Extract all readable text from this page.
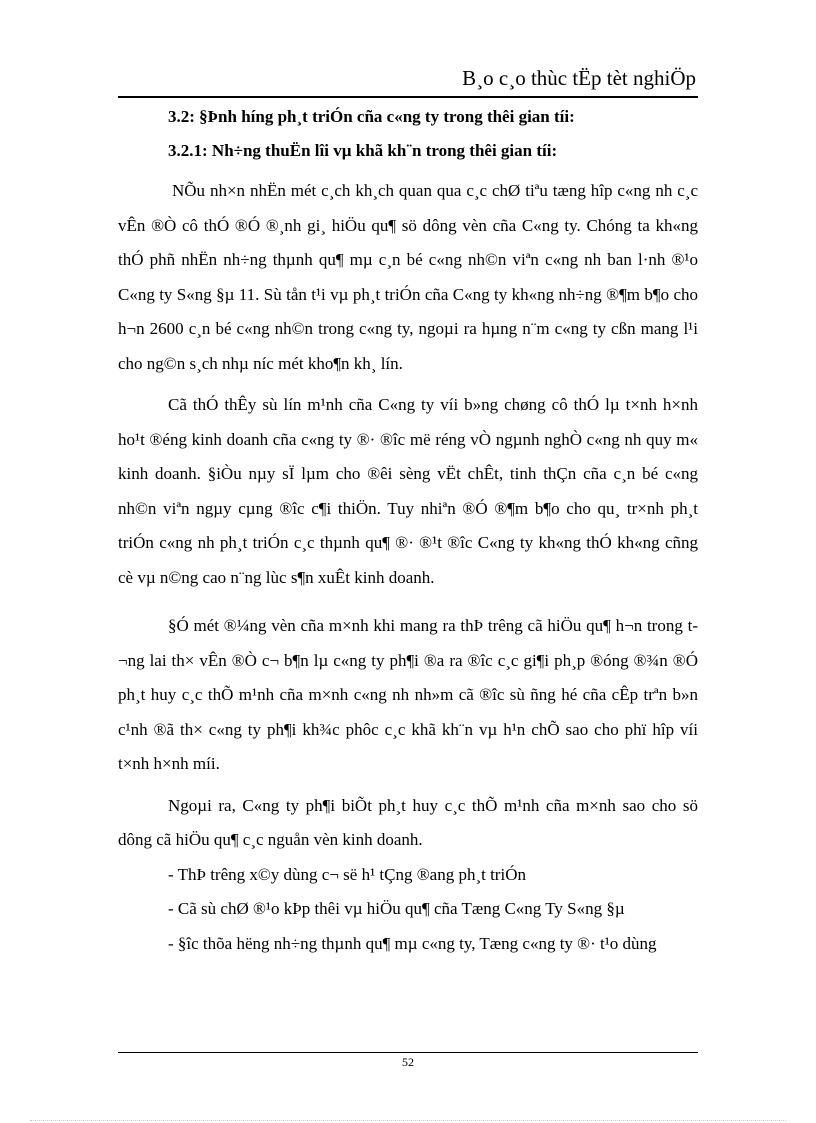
B¸o c¸o thùc tËp tèt nghiÖp
3.2: §Þnh híng ph¸t triÓn cña c«ng ty trong thêi gian tíi:
3.2.1: Nh÷ng thuËn lîi vµ khã kh¨n trong thêi gian tíi:

NÕu nh×n nhËn mét c¸ch kh¸ch quan qua c¸c chØ tiªu tæng hîp c«ng nh c¸c vÊn ®Ò cô thÓ ®Ó ®¸nh gi¸ hiÖu qu¶ sö dông vèn cña C«ng ty. Chóng ta kh«ng thÓ phñ nhËn nh÷ng thµnh qu¶ mµ c¸n bé c«ng nh©n viªn c«ng nh ban l·nh ®¹o C«ng ty S«ng §µ 11. Sù tån t¹i vµ ph¸t triÓn cña C«ng ty kh«ng nh÷ng ®¶m b¶o cho h¬n 2600 c¸n bé c«ng nh©n trong c«ng ty, ngoµi ra hµng n¨m c«ng ty cßn mang l¹i cho ng©n s¸ch nhµ níc mét kho¶n kh¸ lín.

Cã thÓ thÊy sù lín m¹nh cña C«ng ty víi b»ng chøng cô thÓ lµ t×nh h×nh ho¹t ®éng kinh doanh cña c«ng ty ®· ®îc më réng vÒ ngµnh nghÒ c«ng nh quy m« kinh doanh. §iÒu nµy sÏ lµm cho ®êi sèng vËt chÊt, tinh thÇn cña c¸n bé c«ng nh©n viªn ngµy cµng ®îc c¶i thiÖn. Tuy nhiªn ®Ó ®¶m b¶o cho qu¸ tr×nh ph¸t triÓn c«ng nh ph¸t triÓn c¸c thµnh qu¶ ®· ®¹t ®îc C«ng ty kh«ng thÓ kh«ng cñng cè vµ n©ng cao n¨ng lùc s¶n xuÊt kinh doanh.

§Ó mét ®¼ng vèn cña m×nh khi mang ra thÞ trêng cã hiÖu qu¶ h¬n trong t¬ng lai th× vÊn ®Ò c¬ b¶n lµ c«ng ty ph¶i ®a ra ®îc c¸c gi¶i ph¸p ®óng ®¾n ®Ó ph¸t huy c¸c thÕ m¹nh cña m×nh c«ng nh nh»m cã ®îc sù ñng hé cña cÊp trªn b»n c¹nh ®ã th× c«ng ty ph¶i kh¾c phôc c¸c khã kh¨n vµ h¹n chÕ sao cho phï hîp víi t×nh h×nh míi.

Ngoµi ra, C«ng ty ph¶i biÕt ph¸t huy c¸c thÕ m¹nh cña m×nh sao cho sö dông cã hiÖu qu¶ c¸c nguån vèn kinh doanh.

- ThÞ trêng x©y dùng c¬ së h¹ tÇng ®ang ph¸t triÓn

- Cã sù chØ ®¹o kÞp thêi vµ hiÖu qu¶ cña Tæng C«ng Ty S«ng §µ

- §îc thõa hëng nh÷ng thµnh qu¶ mµ c«ng ty, Tæng c«ng ty ®· t¹o dùng

52
